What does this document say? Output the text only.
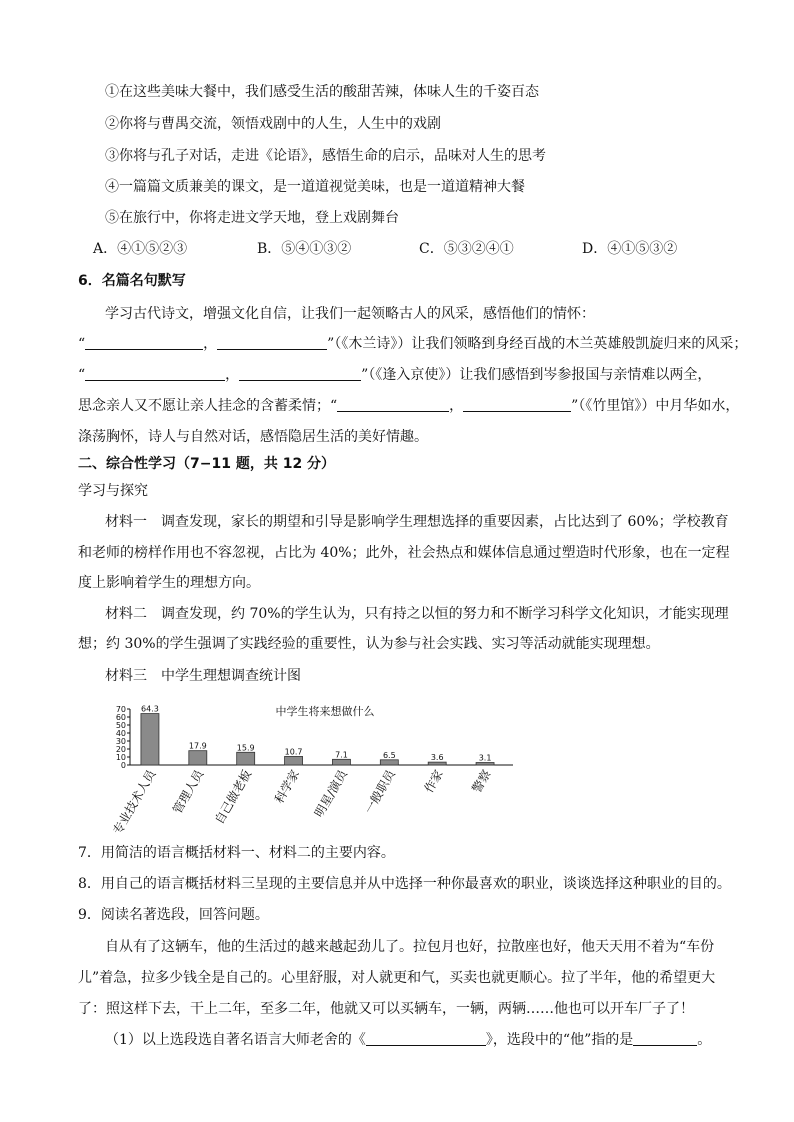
①在这些美味大餐中，我们感受生活的酸甜苦辣，体味人生的千姿百态
②你将与曹禺交流，领悟戏剧中的人生，人生中的戏剧
③你将与孔子对话，走进《论语》，感悟生命的启示，品味对人生的思考
④一篇篇文质兼美的课文，是一道道视觉美味，也是一道道精神大餐
⑤在旅行中，你将走进文学天地，登上戏剧舞台
A．④①⑤②③	B．⑤④①③②	C．⑤③②④①	D．④①⑤③②
6．名篇名句默写
学习古代诗文，增强文化自信，让我们一起领略古人的风采，感悟他们的情怀：
“	，	”（《木兰诗》）让我们领略到身经百战的木兰英雄般凯旋归来的风采；
“	，	”（《逢入京使》）让我们感悟到岑参报国与亲情难以两全，
思念亲人又不愿让亲人挂念的含蓄柔情；“	，	”（《竹里馆》）中月华如水，
涤荡胸怀，诗人与自然对话，感悟隐居生活的美好情趣。
二、综合性学习（7−11 题，共 12 分）
学习与探究
材料一　调查发现，家长的期望和引导是影响学生理想选择的重要因素，占比达到了 60%；学校教育
和老师的榜样作用也不容忽视，占比为 40%；此外，社会热点和媒体信息通过塑造时代形象，也在一定程
度上影响着学生的理想方向。
材料二　调查发现，约 70%的学生认为，只有持之以恒的努力和不断学习科学文化知识，才能实现理
想；约 30%的学生强调了实践经验的重要性，认为参与社会实践、实习等活动就能实现理想。
材料三　中学生理想调查统计图
中学生将来想做什么
70
60
50
40
30
20
10
0
64.3
专业技术人员
17.9
管理人员
15.9
自己做老板
10.7
科学家
7.1
明星/演员
6.5
一般职员
3.6
作家
3.1
警察
7．用简洁的语言概括材料一、材料二的主要内容。
8．用自己的语言概括材料三呈现的主要信息并从中选择一种你最喜欢的职业，谈谈选择这种职业的目的。
9．阅读名著选段，回答问题。
自从有了这辆车，他的生活过的越来越起劲儿了。拉包月也好，拉散座也好，他天天用不着为“车份
儿”着急，拉多少钱全是自己的。心里舒服，对人就更和气，买卖也就更顺心。拉了半年，他的希望更大
了：照这样下去，干上二年，至多二年，他就又可以买辆车，一辆，两辆……他也可以开车厂子了！
（1）以上选段选自著名语言大师老舍的《	》，选段中的“他”指的是	。
